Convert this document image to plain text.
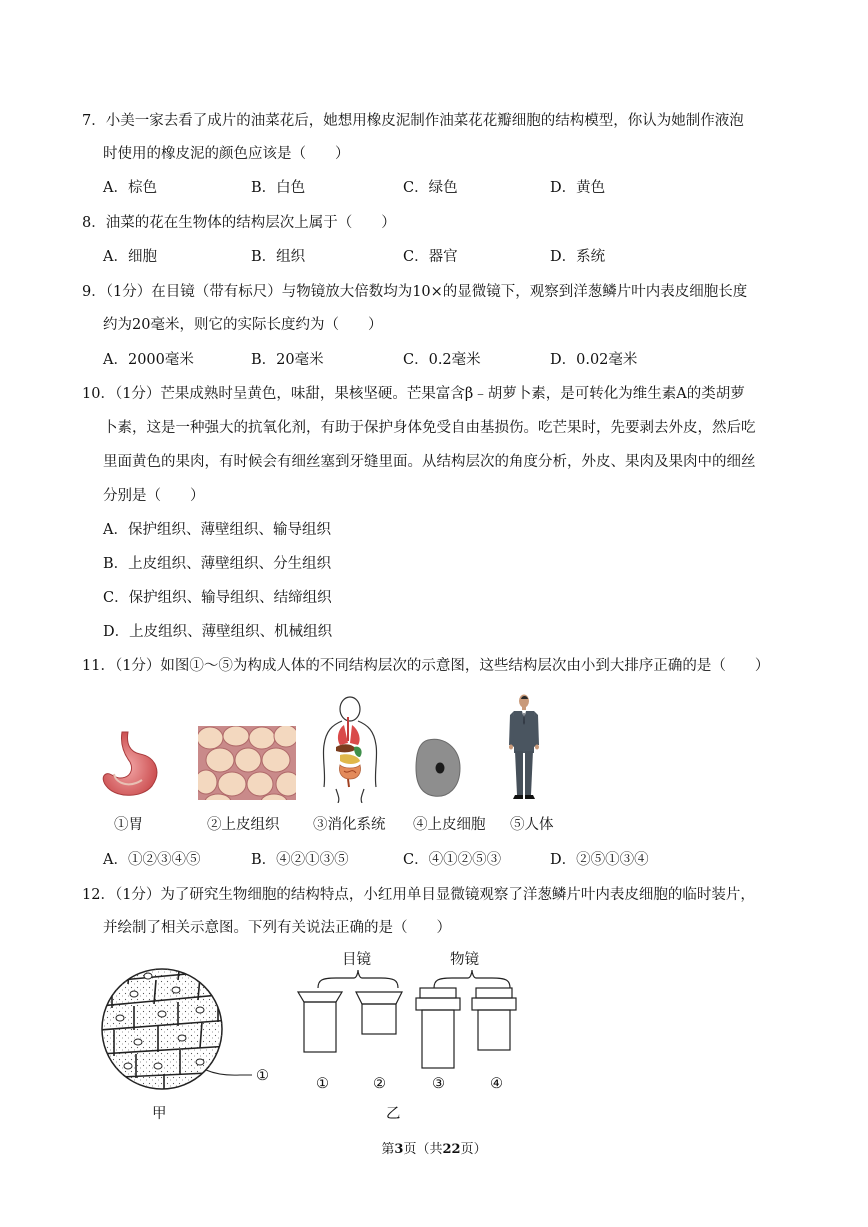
7．小美一家去看了成片的油菜花后，她想用橡皮泥制作油菜花花瓣细胞的结构模型，你认为她制作液泡
时使用的橡皮泥的颜色应该是（　　）
A．棕色	B．白色	C．绿色	D．黄色
8．油菜的花在生物体的结构层次上属于（　　）
A．细胞	B．组织	C．器官	D．系统
9．（1分）在目镜（带有标尺）与物镜放大倍数均为10×的显微镜下，观察到洋葱鳞片叶内表皮细胞长度
约为20毫米，则它的实际长度约为（　　）
A．2000毫米	B．20毫米	C．0.2毫米	D．0.02毫米
10．（1分）芒果成熟时呈黄色，味甜，果核坚硬。芒果富含β﹣胡萝卜素，是可转化为维生素A的类胡萝
卜素，这是一种强大的抗氧化剂，有助于保护身体免受自由基损伤。吃芒果时，先要剥去外皮，然后吃
里面黄色的果肉，有时候会有细丝塞到牙缝里面。从结构层次的角度分析，外皮、果肉及果肉中的细丝
分别是（　　）
A．保护组织、薄壁组织、输导组织
B．上皮组织、薄壁组织、分生组织
C．保护组织、输导组织、结缔组织
D．上皮组织、薄壁组织、机械组织
11．（1分）如图①～⑤为构成人体的不同结构层次的示意图，这些结构层次由小到大排序正确的是（　　）
①胃	②上皮组织 ③消化系统 ④上皮细胞 ⑤人体
A．①②③④⑤	B．④②①③⑤	C．④①②⑤③	D．②⑤①③④
12．（1分）为了研究生物细胞的结构特点，小红用单目显微镜观察了洋葱鳞片叶内表皮细胞的临时装片，
并绘制了相关示意图。下列有关说法正确的是（　　）
①
甲
目镜	物镜
①	②	③	④
乙
第3页（共22页）
